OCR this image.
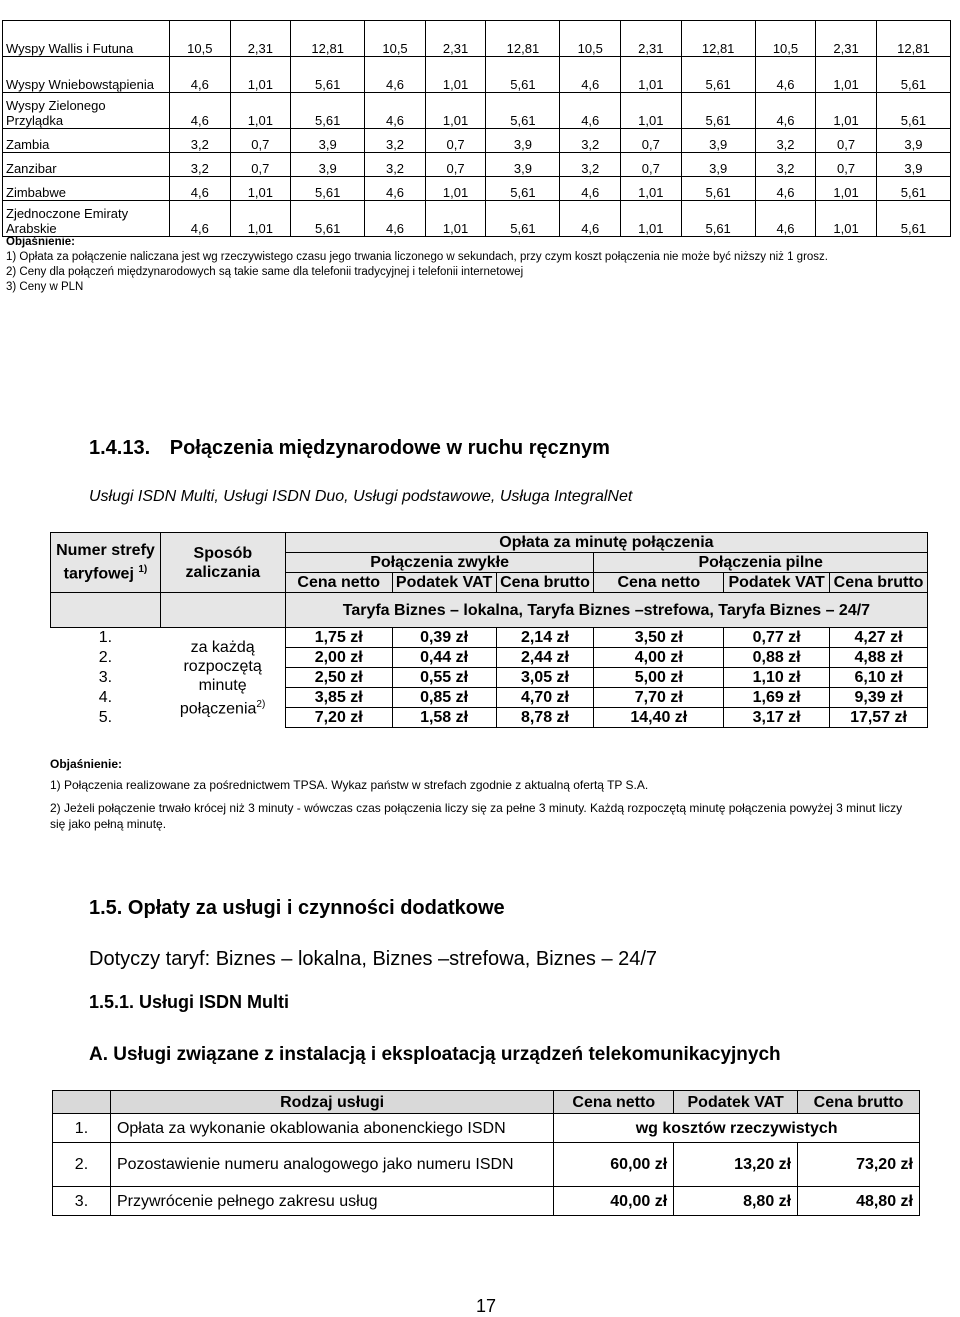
Wyspy Wallis i Futuna	10,5	2,31	12,81	10,5	2,31	12,81	10,5	2,31	12,81	10,5	2,31	12,81
Wyspy Wniebowstąpienia	4,6	1,01	5,61	4,6	1,01	5,61	4,6	1,01	5,61	4,6	1,01	5,61
Wyspy Zielonego Przylądka	4,6	1,01	5,61	4,6	1,01	5,61	4,6	1,01	5,61	4,6	1,01	5,61
Zambia	3,2	0,7	3,9	3,2	0,7	3,9	3,2	0,7	3,9	3,2	0,7	3,9
Zanzibar	3,2	0,7	3,9	3,2	0,7	3,9	3,2	0,7	3,9	3,2	0,7	3,9
Zimbabwe	4,6	1,01	5,61	4,6	1,01	5,61	4,6	1,01	5,61	4,6	1,01	5,61
Zjednoczone Emiraty Arabskie	4,6	1,01	5,61	4,6	1,01	5,61	4,6	1,01	5,61	4,6	1,01	5,61
Objaśnienie:
1) Opłata za połączenie naliczana jest wg rzeczywistego czasu jego trwania liczonego w sekundach, przy czym koszt połączenia nie może być niższy niż 1 grosz.
2) Ceny dla połączeń międzynarodowych są takie same dla telefonii tradycyjnej i telefonii internetowej
3) Ceny w PLN
1.4.13. Połączenia międzynarodowe w ruchu ręcznym
Usługi ISDN Multi, Usługi ISDN Duo, Usługi podstawowe, Usługa IntegralNet
Numer strefy taryfowej $^{1)}$	Sposób zaliczania	Opłata za minutę połączenia					
		Połączenia zwykłe			Połączenia pilne		
		Cena netto	Podatek VAT	Cena brutto	Cena netto	Podatek VAT	Cena brutto
		Taryfa Biznes – lokalna, Taryfa Biznes –strefowa, Taryfa Biznes – 24/7					
1.	za każdą rozpoczętą minutę połączenia$^{2)}$	1,75 zł	0,39 zł	2,14 zł	3,50 zł	0,77 zł	4,27 zł
2.		2,00 zł	0,44 zł	2,44 zł	4,00 zł	0,88 zł	4,88 zł
3.		2,50 zł	0,55 zł	3,05 zł	5,00 zł	1,10 zł	6,10 zł
4.		3,85 zł	0,85 zł	4,70 zł	7,70 zł	1,69 zł	9,39 zł
5.		7,20 zł	1,58 zł	8,78 zł	14,40 zł	3,17 zł	17,57 zł
Objaśnienie:
1) Połączenia realizowane za pośrednictwem TPSA. Wykaz państw w strefach zgodnie z aktualną ofertą TP S.A.
2) Jeżeli połączenie trwało krócej niż 3 minuty - wówczas czas połączenia liczy się za pełne 3 minuty. Każdą rozpoczętą minutę połączenia powyżej 3 minut liczy się jako pełną minutę.
1.5. Opłaty za usługi i czynności dodatkowe
Dotyczy taryf: Biznes – lokalna, Biznes –strefowa, Biznes – 24/7
1.5.1. Usługi ISDN Multi
A. Usługi związane z instalacją i eksploatacją urządzeń telekomunikacyjnych
	Rodzaj usługi	Cena netto	Podatek VAT	Cena brutto
1.	Opłata za wykonanie okablowania abonenckiego ISDN	wg kosztów rzeczywistych		
2.	Pozostawienie numeru analogowego jako numeru ISDN	60,00 zł	13,20 zł	73,20 zł
3.	Przywrócenie pełnego zakresu usług	40,00 zł	8,80 zł	48,80 zł
17
